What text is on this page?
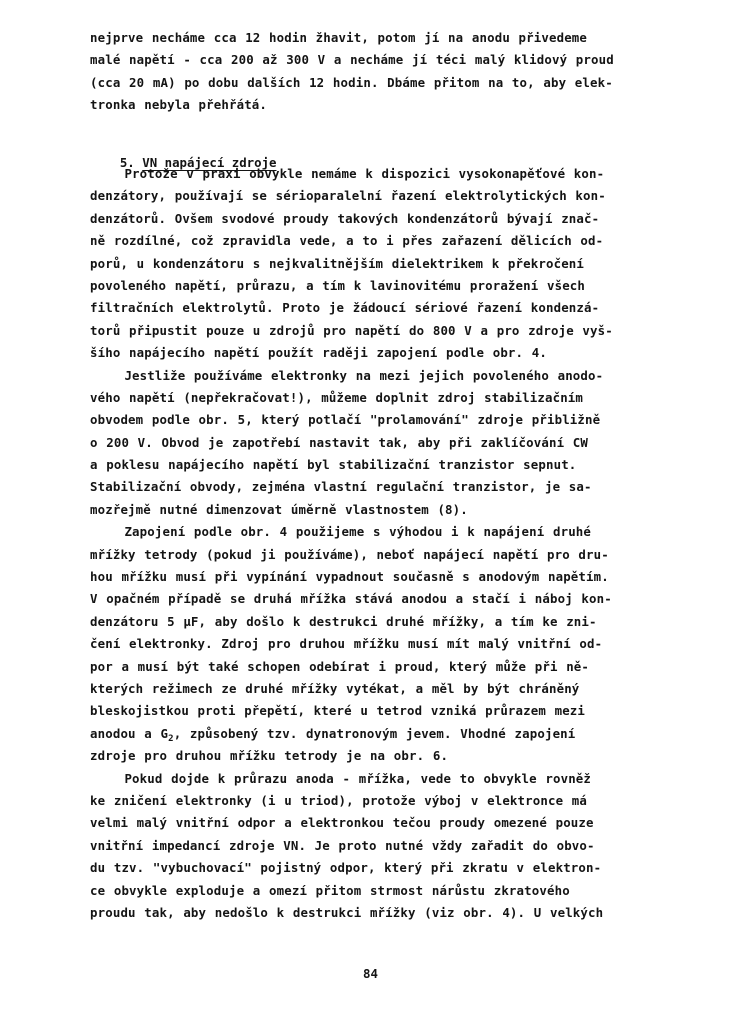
nejprve necháme cca 12 hodin žhavit, potom jí na anodu přivedeme
malé napětí - cca 200 až 300 V a necháme jí téci malý klidový proud
(cca 20 mA) po dobu dalších 12 hodin. Dbáme přitom na to, aby elek-
tronka nebyla přehřátá.

5. VN napájecí zdroje

Protože v praxi obvykle nemáme k dispozici vysokonapěťové kon-
denzátory, používají se sérioparalelní řazení elektrolytických kon-
denzátorů. Ovšem svodové proudy takových kondenzátorů bývají znač-
ně rozdílné, což zpravidla vede, a to i přes zařazení dělicích od-
porů, u kondenzátoru s nejkvalitnějším dielektrikem k překročení
povoleného napětí, průrazu, a tím k lavinovitému proražení všech
filtračních elektrolytů. Proto je žádoucí sériové řazení kondenzá-
torů připustit pouze u zdrojů pro napětí do 800 V a pro zdroje vyš-
šího napájecího napětí použít raději zapojení podle obr. 4.
Jestliže používáme elektronky na mezi jejich povoleného anodo-
vého napětí (nepřekračovat!), můžeme doplnit zdroj stabilizačním
obvodem podle obr. 5, který potlačí "prolamování" zdroje přibližně
o 200 V. Obvod je zapotřebí nastavit tak, aby při zaklíčování CW
a poklesu napájecího napětí byl stabilizační tranzistor sepnut.
Stabilizační obvody, zejména vlastní regulační tranzistor, je sa-
mozřejmě nutné dimenzovat úměrně vlastnostem (8).
Zapojení podle obr. 4 použijeme s výhodou i k napájení druhé
mřížky tetrody (pokud ji používáme), neboť napájecí napětí pro dru-
hou mřížku musí při vypínání vypadnout současně s anodovým napětím.
V opačném případě se druhá mřížka stává anodou a stačí i náboj kon-
denzátoru 5 µF, aby došlo k destrukci druhé mřížky, a tím ke zni-
čení elektronky. Zdroj pro druhou mřížku musí mít malý vnitřní od-
por a musí být také schopen odebírat i proud, který může při ně-
kterých režimech ze druhé mřížky vytékat, a měl by být chráněný
bleskojistkou proti přepětí, které u tetrod vzniká průrazem mezi
anodou a $G_2$, způsobený tzv. dynatronovým jevem. Vhodné zapojení
zdroje pro druhou mřížku tetrody je na obr. 6.
Pokud dojde k průrazu anoda - mřížka, vede to obvykle rovněž
ke zničení elektronky (i u triod), protože výboj v elektronce má
velmi malý vnitřní odpor a elektronkou tečou proudy omezené pouze
vnitřní impedancí zdroje VN. Je proto nutné vždy zařadit do obvo-
du tzv. "vybuchovací" pojistný odpor, který při zkratu v elektron-
ce obvykle exploduje a omezí přitom strmost nárůstu zkratového
proudu tak, aby nedošlo k destrukci mřížky (viz obr. 4). U velkých
84
